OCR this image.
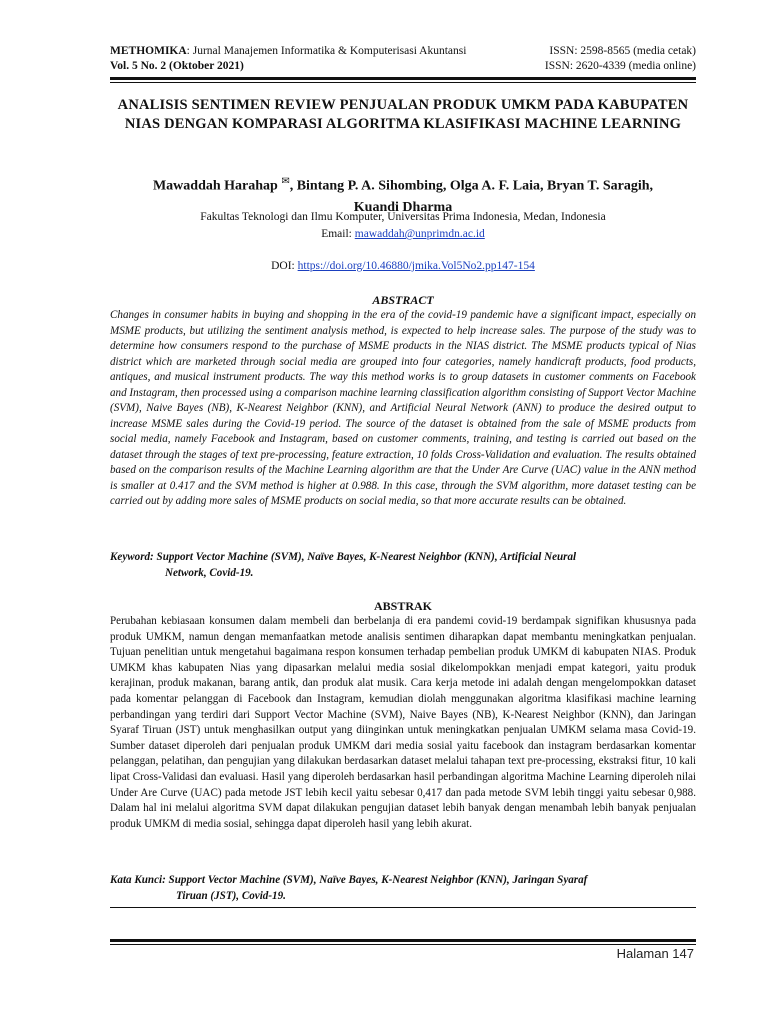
METHOMIKA: Jurnal Manajemen Informatika & Komputerisasi Akuntansi	ISSN: 2598-8565 (media cetak)
Vol. 5 No. 2 (Oktober 2021)	ISSN: 2620-4339 (media online)
ANALISIS SENTIMEN REVIEW PENJUALAN PRODUK UMKM PADA KABUPATEN NIAS DENGAN KOMPARASI ALGORITMA KLASIFIKASI MACHINE LEARNING
Mawaddah Harahap ✉, Bintang P. A. Sihombing, Olga A. F. Laia, Bryan T. Saragih,
Kuandi Dharma
Fakultas Teknologi dan Ilmu Komputer, Universitas Prima Indonesia, Medan, Indonesia
Email: mawaddah@unprimdn.ac.id
DOI: https://doi.org/10.46880/jmika.Vol5No2.pp147-154
ABSTRACT
Changes in consumer habits in buying and shopping in the era of the covid-19 pandemic have a significant impact, especially on MSME products, but utilizing the sentiment analysis method, is expected to help increase sales. The purpose of the study was to determine how consumers respond to the purchase of MSME products in the NIAS district. The MSME products typical of Nias district which are marketed through social media are grouped into four categories, namely handicraft products, food products, antiques, and musical instrument products. The way this method works is to group datasets in customer comments on Facebook and Instagram, then processed using a comparison machine learning classification algorithm consisting of Support Vector Machine (SVM), Naive Bayes (NB), K-Nearest Neighbor (KNN), and Artificial Neural Network (ANN) to produce the desired output to increase MSME sales during the Covid-19 period. The source of the dataset is obtained from the sale of MSME products from social media, namely Facebook and Instagram, based on customer comments, training, and testing is carried out based on the dataset through the stages of text pre-processing, feature extraction, 10 folds Cross-Validation and evaluation. The results obtained based on the comparison results of the Machine Learning algorithm are that the Under Are Curve (UAC) value in the ANN method is smaller at 0.417 and the SVM method is higher at 0.988. In this case, through the SVM algorithm, more dataset testing can be carried out by adding more sales of MSME products on social media, so that more accurate results can be obtained.
Keyword: Support Vector Machine (SVM), Naïve Bayes, K-Nearest Neighbor (KNN), Artificial Neural
Network, Covid-19.
ABSTRAK
Perubahan kebiasaan konsumen dalam membeli dan berbelanja di era pandemi covid-19 berdampak signifikan khususnya pada produk UMKM, namun dengan memanfaatkan metode analisis sentimen diharapkan dapat membantu meningkatkan penjualan. Tujuan penelitian untuk mengetahui bagaimana respon konsumen terhadap pembelian produk UMKM di kabupaten NIAS. Produk UMKM khas kabupaten Nias yang dipasarkan melalui media sosial dikelompokkan menjadi empat kategori, yaitu produk kerajinan, produk makanan, barang antik, dan produk alat musik. Cara kerja metode ini adalah dengan mengelompokkan dataset pada komentar pelanggan di Facebook dan Instagram, kemudian diolah menggunakan algoritma klasifikasi machine learning perbandingan yang terdiri dari Support Vector Machine (SVM), Naive Bayes (NB), K-Nearest Neighbor (KNN), dan Jaringan Syaraf Tiruan (JST) untuk menghasilkan output yang diinginkan untuk meningkatkan penjualan UMKM selama masa Covid-19. Sumber dataset diperoleh dari penjualan produk UMKM dari media sosial yaitu facebook dan instagram berdasarkan komentar pelanggan, pelatihan, dan pengujian yang dilakukan berdasarkan dataset melalui tahapan text pre-processing, ekstraksi fitur, 10 kali lipat Cross-Validasi dan evaluasi. Hasil yang diperoleh berdasarkan hasil perbandingan algoritma Machine Learning diperoleh nilai Under Are Curve (UAC) pada metode JST lebih kecil yaitu sebesar 0,417 dan pada metode SVM lebih tinggi yaitu sebesar 0,988. Dalam hal ini melalui algoritma SVM dapat dilakukan pengujian dataset lebih banyak dengan menambah lebih banyak penjualan produk UMKM di media sosial, sehingga dapat diperoleh hasil yang lebih akurat.
Kata Kunci: Support Vector Machine (SVM), Naïve Bayes, K-Nearest Neighbor (KNN), Jaringan Syaraf
Tiruan (JST), Covid-19.
Halaman 147
